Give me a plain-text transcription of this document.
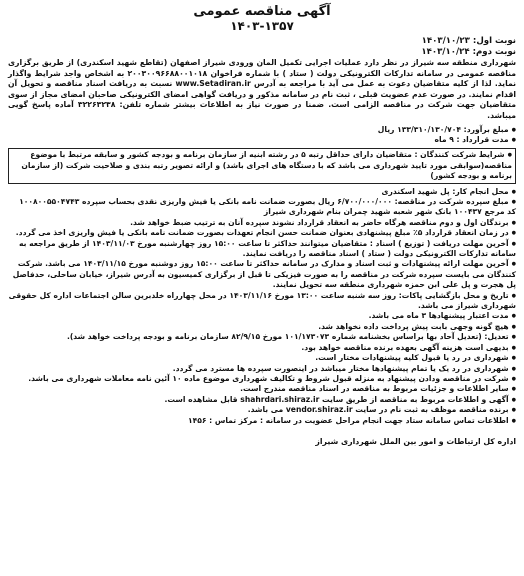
آگهی مناقصه عمومی
۱۴۰۳-۱۳۵۷
نوبت اول: ۱۴۰۳/۱۰/۲۳
نوبت دوم: ۱۴۰۳/۱۰/۲۴

شهرداری منطقه سه شیراز در نظر دارد عملیات اجرایی تکمیل المان ورودی شیراز اصفهان (تقاطع شهید اسکندری) از طریق برگزاری مناقصه عمومی در سامانه تدارکات الکترونیکی دولت ( ستاد ) با شماره فراخوان ۲۰۰۳۰۰۹۶۶۸۸۰۰۱۰۱۸ به اشخاص واجد شرایط واگذار نماید. لذا از کلیه متقاضیان دعوت به عمل می آید با مراجعه به آدرس www.Setadiran.ir نسبت به دریافت اسناد مناقصه و تحویل آن اقدام نمایند. در صورت عدم عضویت قبلی ، ثبت نام در سامانه مذکور و دریافت گواهی امضای الکترونیکی صاحبان امضای مجاز از سوی متقاضیان جهت شرکت در مناقصه الزامی است. ضمنا در صورت نیاز به اطلاعات بیشتر شماره تلفن: ۳۲۲۶۳۲۳۸ آماده پاسخ گویی میباشد.

● مبلغ برآورد: ۱۳۳/۳۱۰/۱۳۰/۷۰۴ ریال

● مدت قرارداد : ۹ ماه

● شرایط شرکت کنندگان : متقاضیان دارای حداقل رتبه ۵ در رشته ابنیه از سازمان برنامه و بودجه کشور و سابقه مرتبط با موضوع مناقصه(سوابقی مورد تایید شهرداری می باشد که با دستگاه های اجرای باشد) و ارائه تصویر رتبه بندی و صلاحیت شرکت (از سازمان برنامه و بودجه کشور)

● محل انجام کار: پل شهید اسکندری

● مبلغ سپرده شرکت در مناقصه: ۶/۷۰۰/۰۰۰/۰۰۰ ریال بصورت ضمانت نامه بانکی یا فیش واریزی نقدی بحساب سپرده ۱۰۰۸۰۰۵۵۰۴۷۴۳ کد مرجع ۱۰۰۴۳۷ بانک شهر شعبه شهید چمران بنام شهرداری شیراز

● برندگان اول و دوم مناقصه هرگاه حاضر به انعقاد قرارداد نشوند سپرده آنان به ترتیب ضبط خواهد شد.

● در زمان انعقاد قرارداد ۵٪ مبلغ پیشنهادی بعنوان ضمانت حسن انجام تعهدات بصورت ضمانت نامه بانکی یا فیش واریزی اخذ می گردد.

● آخرین مهلت دریافت ( توزیع ) اسناد : متقاضیان میتوانند حداکثر تا ساعت ۱۵:۰۰ روز چهارشنبه مورخ ۱۴۰۳/۱۱/۰۳ از طریق مراجعه به سامانه تدارکات الکترونیکی دولت ( ستاد ) اسناد مناقصه را دریافت نمایند.

● آخرین مهلت ارائه پیشنهادات و ثبت اسناد و مدارک در سامانه حداکثر تا ساعت ۱۵:۰۰ روز دوشنبه مورخ ۱۴۰۳/۱۱/۱۵ می باشد. شرکت کنندگان می بایست سپرده شرکت در مناقصه را به صورت فیزیکی تا قبل از برگزاری کمیسیون به آدرس شیراز، خیابان ساحلی، حدفاصل پل هجرت و پل علی ابن حمزه شهرداری منطقه سه تحویل نمایند.

● تاریخ و محل بازگشایی پاکات: روز سه شنبه ساعت ۱۳:۰۰ مورخ ۱۴۰۳/۱۱/۱۶ در محل چهارراه خلدبرین سالن اجتماعات اداره کل حقوقی شهرداری شیراز می باشد.

● مدت اعتبار پیشنهادها ۳ ماه می باشد.

● هیچ گونه وجهی بابت پیش پرداخت داده نخواهد شد.

● تعدیل: (تعدیل آحاد بها براساس بخشنامه شماره ۱۰۱/۱۷۳۰۷۳ مورخ ۸۲/۹/۱۵ سازمان برنامه و بودجه پرداخت خواهد شد).

● بدیهی است هزینه آگهی بعهده برنده مناقصه خواهد بود.

● شهرداری در رد یا قبول کلیه پیشنهادات مختار است.

● شهرداری در رد یک یا تمام پیشنهادها مختار میباشد در اینصورت سپرده ها مسترد می گردد.

● شرکت در مناقصه ودادن پیشنهاد به منزله قبول شروط و تکالیف شهرداری موضوع ماده ۱۰ آئین نامه معاملات شهرداری می باشد.

● سایر اطلاعات و جزئیات مربوط به مناقصه در اسناد مناقصه مندرج است.

● آگهی و اطلاعات مربوط به مناقصه از طریق سایت shahrdari.shiraz.ir قابل مشاهده است.

● برنده مناقصه موظف به ثبت نام در سایت vendor.shiraz.ir می باشد.

● اطلاعات تماس سامانه ستاد جهت انجام مراحل عضویت در سامانه : مرکز تماس : ۱۴۵۶

اداره کل ارتباطات و امور بین الملل شهرداری شیراز
